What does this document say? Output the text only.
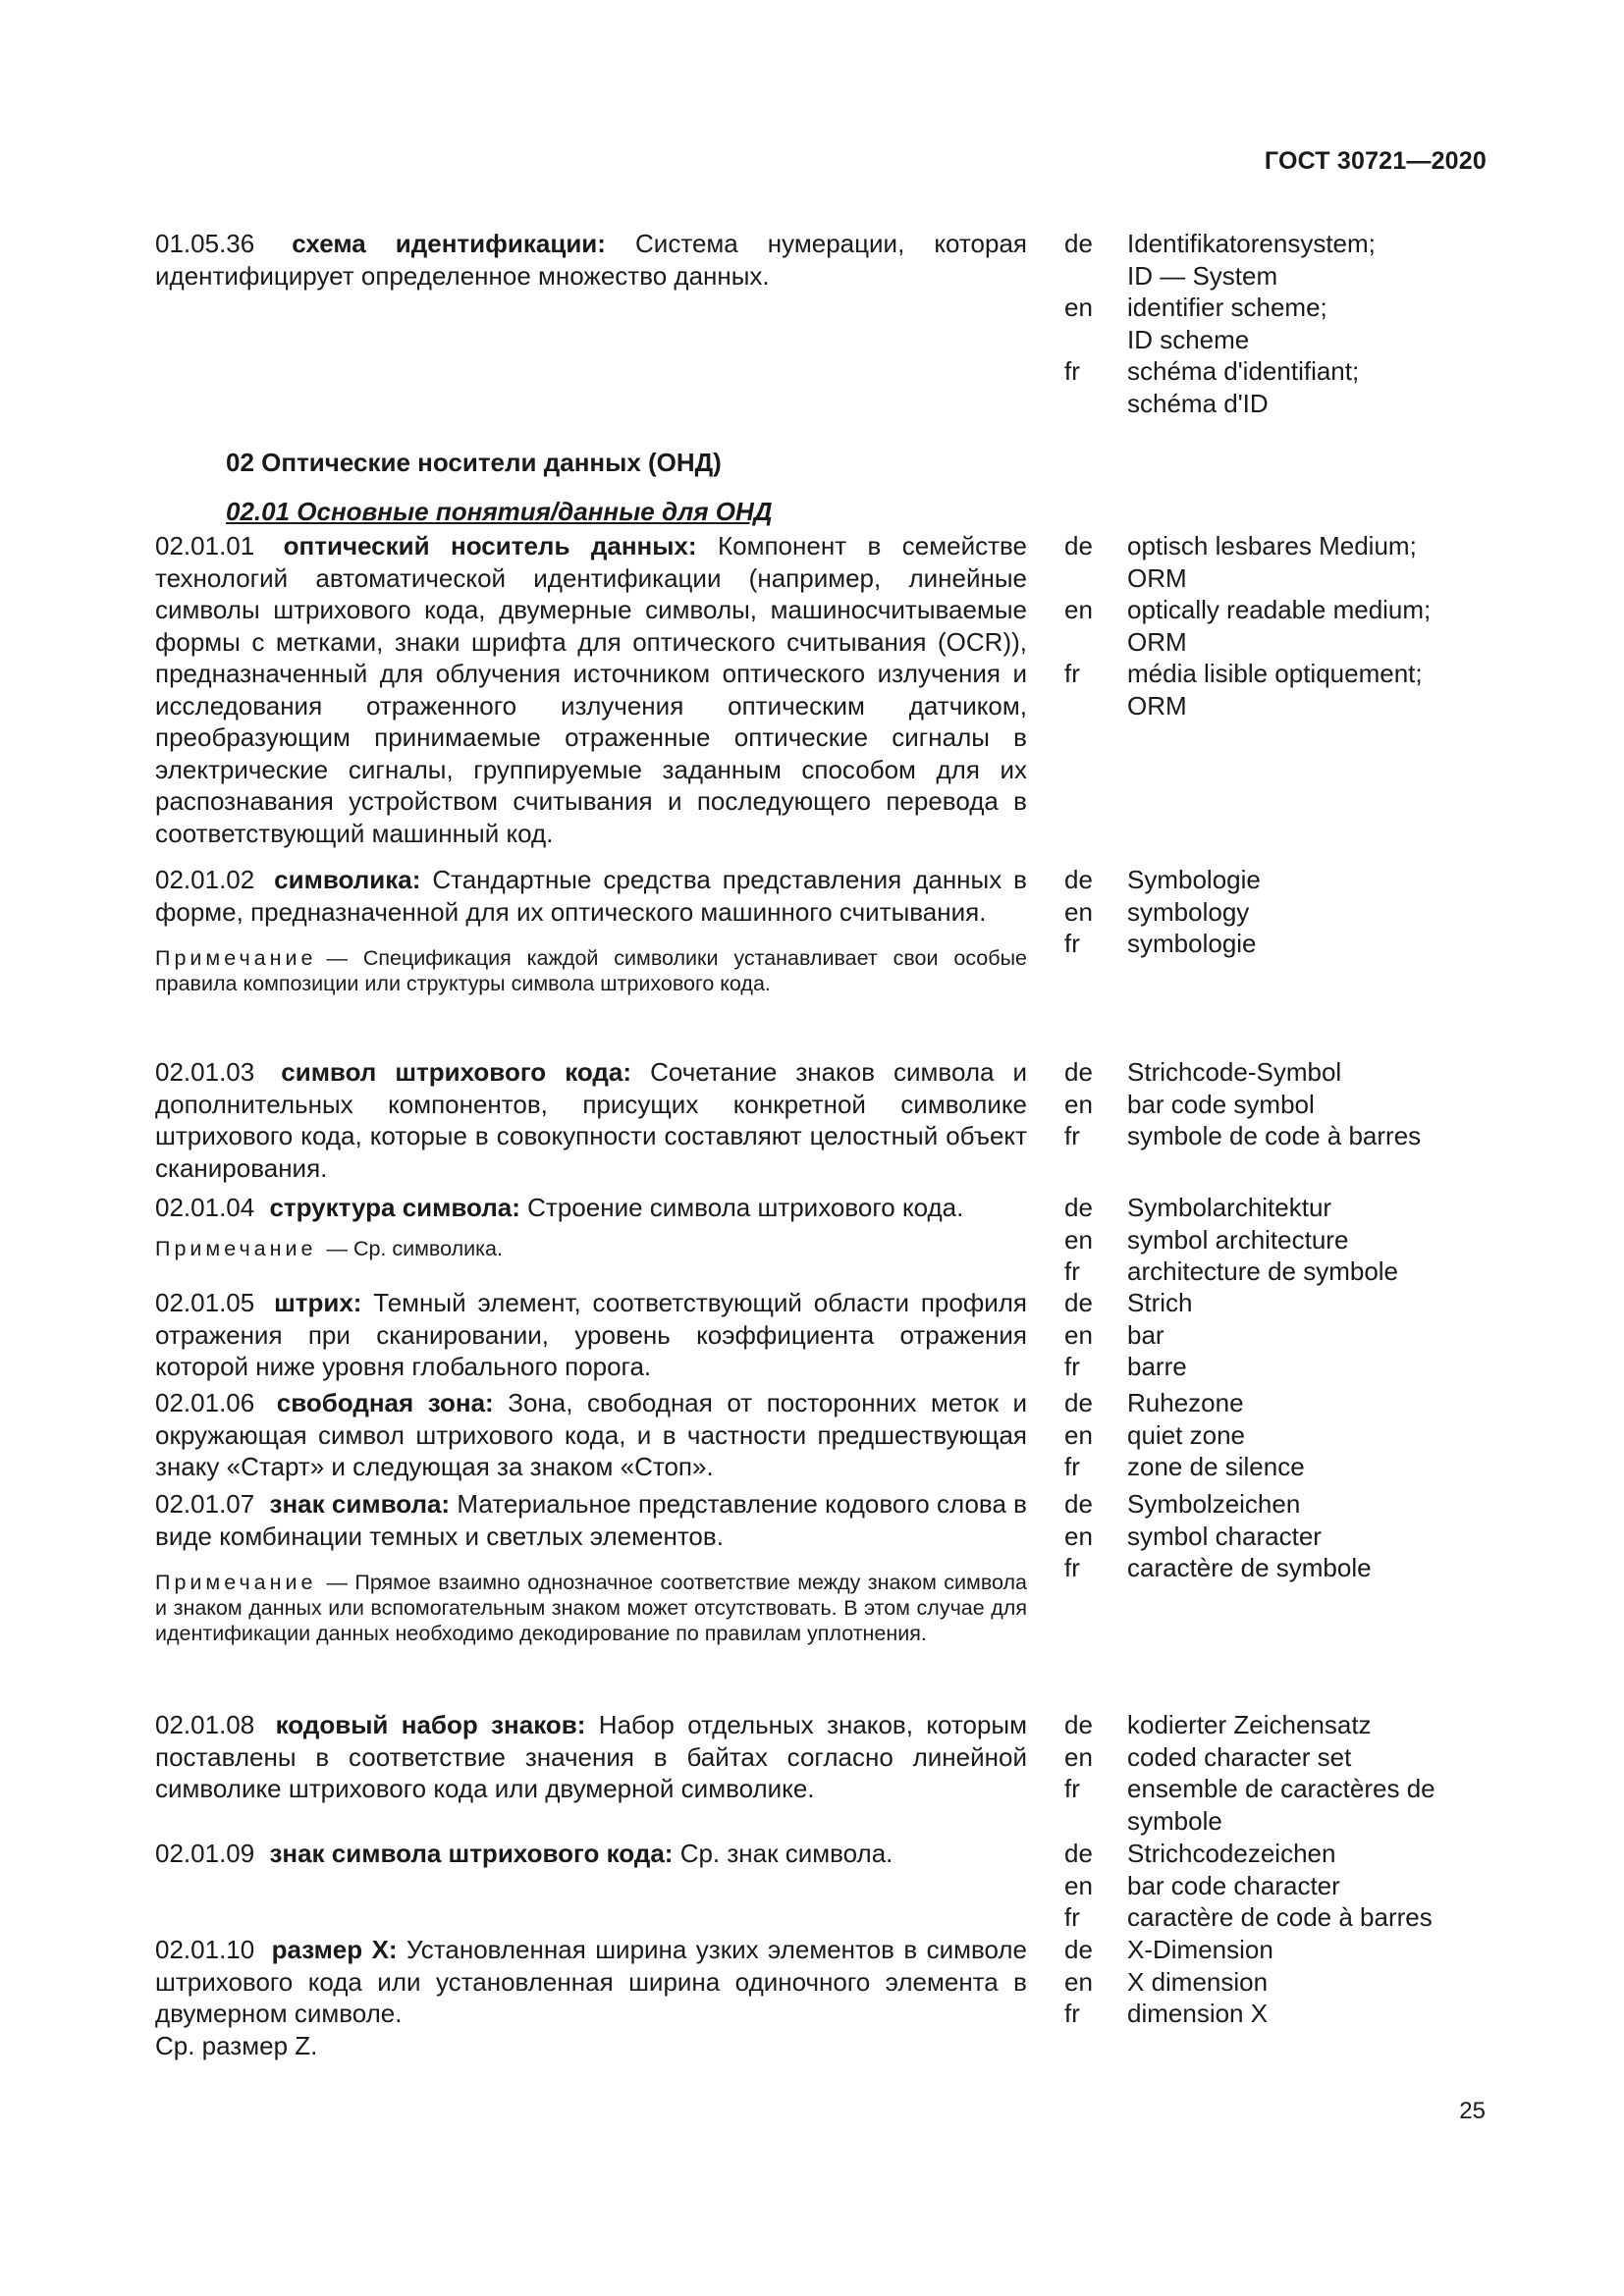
ГОСТ 30721—2020

01.05.36 схема идентификации: Система нумерации, которая идентифицирует определенное множество данных.

de	Identifikatorensystem;
ID — System
en	identifier scheme;
ID scheme
fr	schéma d'identifiant;
schéma d'ID
02 Оптические носители данных (ОНД)
02.01 Основные понятия/данные для ОНД

02.01.01 оптический носитель данных: Компонент в семействе технологий автоматической идентификации (например, линейные символы штрихового кода, двумерные символы, машиносчитываемые формы с метками, знаки шрифта для оптического считывания (OCR)), предназначенный для облучения источником оптического излучения и исследования отраженного излучения оптическим датчиком, преобразующим принимаемые отраженные оптические сигналы в электрические сигналы, группируемые заданным способом для их распознавания устройством считывания и последующего перевода в соответствующий машинный код.

de	optisch lesbares Medium;
ORM
en	optically readable medium;
ORM
fr	média lisible optiquement;
ORM

02.01.02 символика: Стандартные средства представления данных в форме, предназначенной для их оптического машинного считывания.

Примечание — Спецификация каждой символики устанавливает свои особые правила композиции или структуры символа штрихового кода.
de	Symbologie
en	symbology
fr	symbologie

02.01.03 символ штрихового кода: Сочетание знаков символа и дополнительных компонентов, присущих конкретной символике штрихового кода, которые в совокупности составляют целостный объект сканирования.

de	Strichcode-Symbol
en	bar code symbol
fr	symbole de code à barres

02.01.04 структура символа: Строение символа штрихового кода.

Примечание — Ср. символика.
de	Symbolarchitektur
en	symbol architecture
fr	architecture de symbole

02.01.05 штрих: Темный элемент, соответствующий области профиля отражения при сканировании, уровень коэффициента отражения которой ниже уровня глобального порога.

de	Strich
en	bar
fr	barre

02.01.06 свободная зона: Зона, свободная от посторонних меток и окружающая символ штрихового кода, и в частности предшествующая знаку «Старт» и следующая за знаком «Стоп».

de	Ruhezone
en	quiet zone
fr	zone de silence

02.01.07 знак символа: Материальное представление кодового слова в виде комбинации темных и светлых элементов.

Примечание — Прямое взаимно однозначное соответствие между знаком символа и знаком данных или вспомогательным знаком может отсутствовать. В этом случае для идентификации данных необходимо декодирование по правилам уплотнения.
de	Symbolzeichen
en	symbol character
fr	caractère de symbole

02.01.08 кодовый набор знаков: Набор отдельных знаков, которым поставлены в соответствие значения в байтах согласно линейной символике штрихового кода или двумерной символике.

de	kodierter Zeichensatz
en	coded character set
fr	ensemble de caractères de symbole

02.01.09 знак символа штрихового кода: Ср. знак символа.	de	Strichcodezeichen
en	bar code character
fr	caractère de code à barres

02.01.10 размер X: Установленная ширина узких элементов в символе штрихового кода или установленная ширина одиночного элемента в двумерном символе.

Ср. размер Z.

de	X-Dimension
en	X dimension
fr	dimension X
25
